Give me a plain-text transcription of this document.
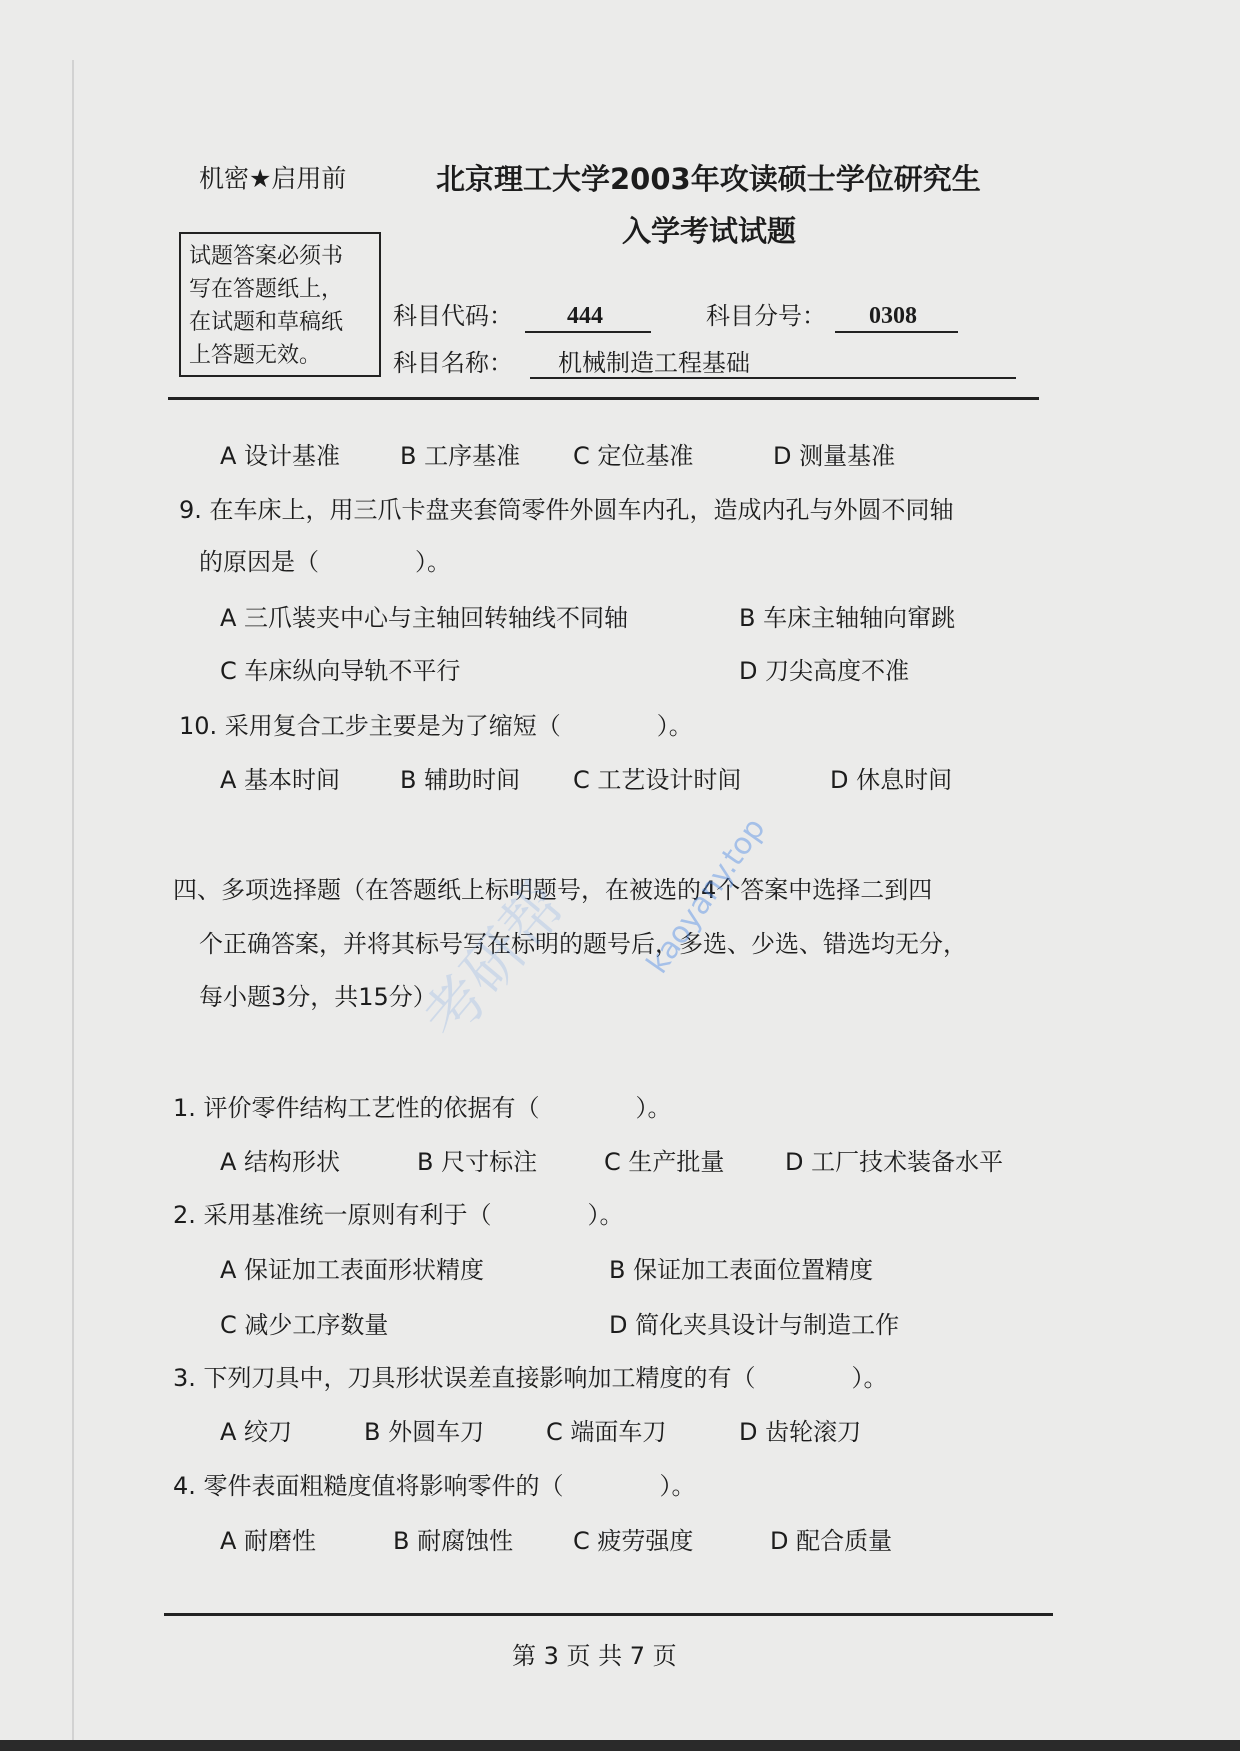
机密★启用前	北京理工大学2003年攻读硕士学位研究生
入学考试试题
试题答案必须书
写在答题纸上，
在试题和草稿纸
上答题无效。
科目代码： 444	科目分号： 0308
科目名称： 机械制造工程基础
A 设计基准 B 工序基准 C 定位基准	D 测量基准
9. 在车床上，用三爪卡盘夹套筒零件外圆车内孔，造成内孔与外圆不同轴
的原因是（　　　　）。
A 三爪装夹中心与主轴回转轴线不同轴	B 车床主轴轴向窜跳
C 车床纵向导轨不平行	D 刀尖高度不准
10. 采用复合工步主要是为了缩短（　　　　）。
A 基本时间 B 辅助时间 C 工艺设计时间	D 休息时间
四、多项选择题（在答题纸上标明题号，在被选的4个答案中选择二到四
个正确答案，并将其标号写在标明的题号后，多选、少选、错选均无分，
每小题3分，共15分）
1. 评价零件结构工艺性的依据有（　　　　）。
A 结构形状	B 尺寸标注	C 生产批量	D 工厂技术装备水平
2. 采用基准统一原则有利于（　　　　）。
A 保证加工表面形状精度	B 保证加工表面位置精度
C 减少工序数量	D 简化夹具设计与制造工作
3. 下列刀具中，刀具形状误差直接影响加工精度的有（　　　　）。
A 绞刀	B 外圆车刀	C 端面车刀	D 齿轮滚刀
4. 零件表面粗糙度值将影响零件的（　　　　）。
A 耐磨性	B 耐腐蚀性 C 疲劳强度	D 配合质量
第 3 页 共 7 页
考研帮 kaoyany.top
